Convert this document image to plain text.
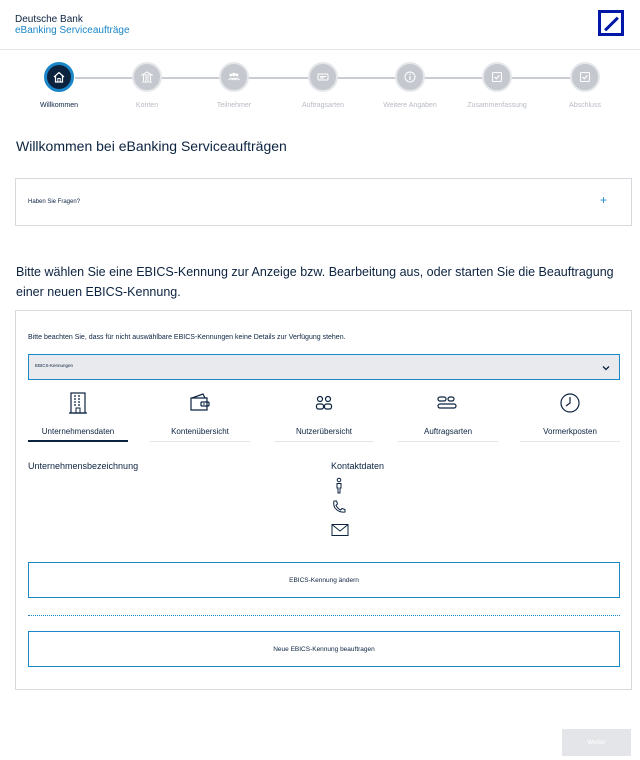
Deutsche Bank
eBanking Serviceaufträge
Willkommen	Konten	Teilnehmer	Auftragsarten	Weitere Angaben	Zusammenfassung	Abschluss
Willkommen bei eBanking Serviceaufträgen
Haben Sie Fragen?	+

Bitte wählen Sie eine EBICS-Kennung zur Anzeige bzw. Bearbeitung aus, oder starten Sie die Beauftragung einer neuen EBICS-Kennung.

Bitte beachten Sie, dass für nicht auswählbare EBICS-Kennungen keine Details zur Verfügung stehen.
EBICS-Kennungen
Unternehmensdaten	Kontenübersicht	Nutzerübersicht	Auftragsarten	Vormerkposten
Unternehmensbezeichnung	Kontaktdaten
EBICS-Kennung ändern
Neue EBICS-Kennung beauftragen
Weiter
